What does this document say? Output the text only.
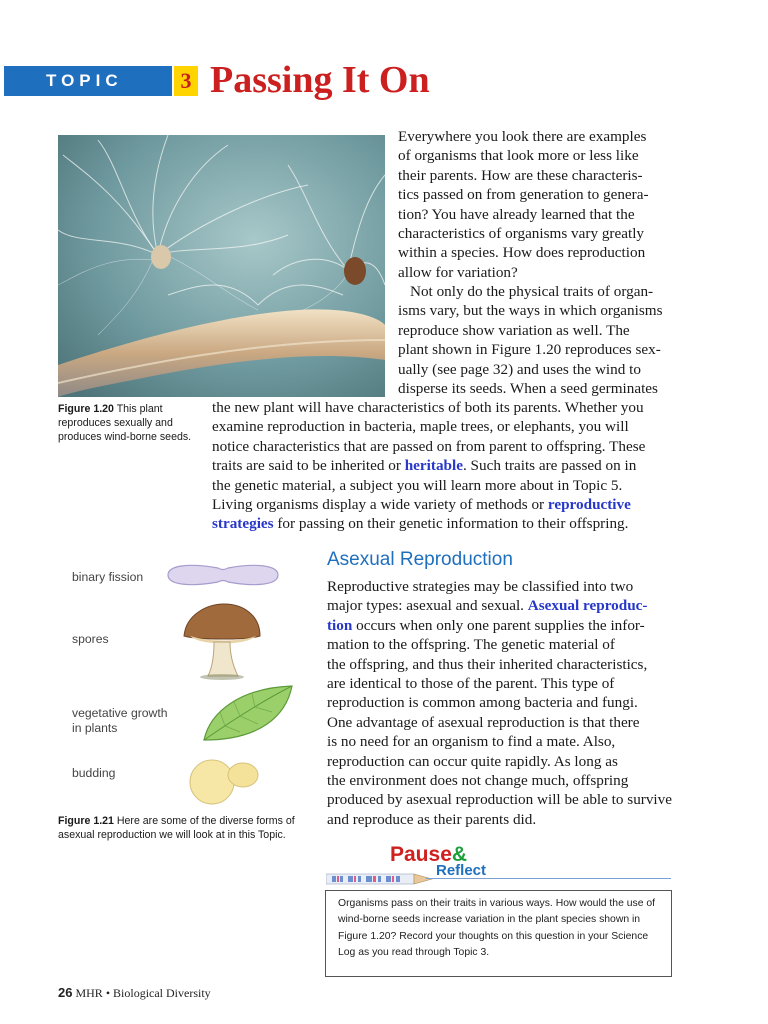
TOPIC	3 Passing It On
Everywhere you look there are examples
of organisms that look more or less like
their parents. How are these characteris-
tics passed on from generation to genera-
tion? You have already learned that the
characteristics of organisms vary greatly
within a species. How does reproduction
allow for variation?
Not only do the physical traits of organ-
isms vary, but the ways in which organisms
reproduce show variation as well. The
plant shown in Figure 1.20 reproduces sex-
ually (see page 32) and uses the wind to
disperse its seeds. When a seed germinates
Figure 1.20 This plant reproduces sexually and produces wind-borne seeds.
the new plant will have characteristics of both its parents. Whether you
examine reproduction in bacteria, maple trees, or elephants, you will
notice characteristics that are passed on from parent to offspring. These
traits are said to be inherited or heritable. Such traits are passed on in
the genetic material, a subject you will learn more about in Topic 5.
Living organisms display a wide variety of methods or reproductive
strategies for passing on their genetic information to their offspring.
binary fission
spores
vegetative growth
in plants
budding
Figure 1.21 Here are some of the diverse forms of asexual reproduction we will look at in this Topic.
Asexual Reproduction
Reproductive strategies may be classified into two
major types: asexual and sexual. Asexual reproduc-
tion occurs when only one parent supplies the infor-
mation to the offspring. The genetic material of
the offspring, and thus their inherited characteristics,
are identical to those of the parent. This type of
reproduction is common among bacteria and fungi.
One advantage of asexual reproduction is that there
is no need for an organism to find a mate. Also,
reproduction can occur quite rapidly. As long as
the environment does not change much, offspring
produced by asexual reproduction will be able to survive
and reproduce as their parents did.
Pause&
Reflect
Organisms pass on their traits in various ways. How would the use of wind-borne seeds increase variation in the plant species shown in Figure 1.20? Record your thoughts on this question in your Science Log as you read through Topic 3.
26 MHR • Biological Diversity
